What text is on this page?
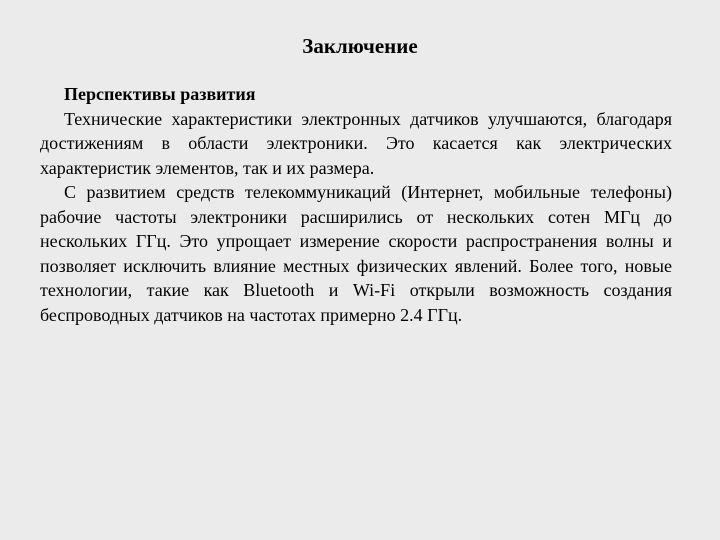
Заключение

Перспективы развития

Технические характеристики электронных датчиков улучшаются, благодаря достижениям в области электроники. Это касается как электрических характеристик элементов, так и их размера.

С развитием средств телекоммуникаций (Интернет, мобильные телефоны) рабочие частоты электроники расширились от нескольких сотен МГц до нескольких ГГц. Это упрощает измерение скорости распространения волны и позволяет исключить влияние местных физических явлений. Более того, новые технологии, такие как Bluetooth и Wi-Fi открыли возможность создания беспроводных датчиков на частотах примерно 2.4 ГГц.
